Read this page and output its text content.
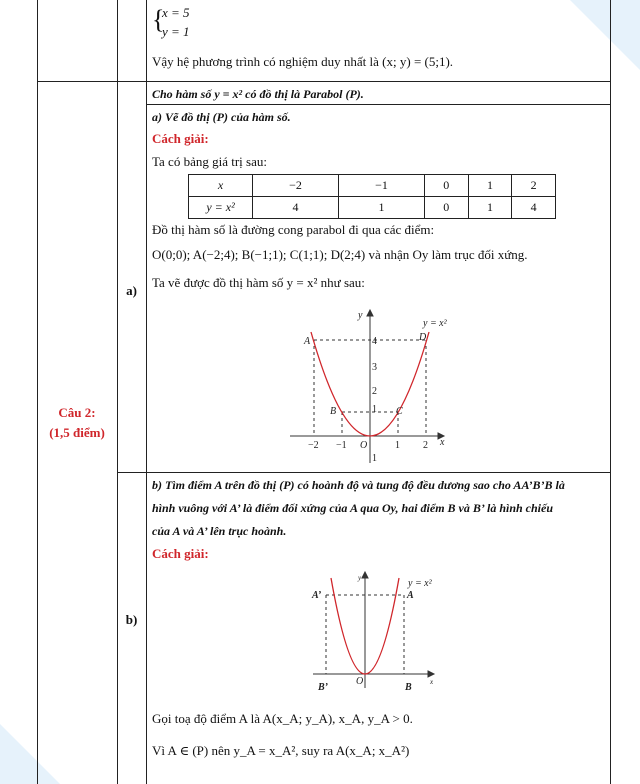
{
x = 5
y = 1
Vậy hệ phương trình có nghiệm duy nhất là (x; y) = (5;1).
Câu 2:
(1,5 điểm)
Cho hàm số y = x² có đồ thị là Parabol (P).
a)
a) Vẽ đồ thị (P) của hàm số.
Cách giải:
Ta có bảng giá trị sau:
x	−2	−1	0	1	2
y = x²	4	1	0	1	4
Đồ thị hàm số là đường cong parabol đi qua các điểm:
O(0;0); A(−2;4); B(−1;1); C(1;1); D(2;4) và nhận Oy làm trục đối xứng.
Ta vẽ được đồ thị hàm số y = x² như sau:
y = x²
y
x
O
A
B	C
D
−2 −1	1 2
4
3
2
1
1
b)
b) Tìm điểm A trên đồ thị (P) có hoành độ và tung độ đều dương sao cho AA’B’B là
hình vuông với A’ là điểm đối xứng của A qua Oy, hai điểm B và B’ là hình chiếu
của A và A’ lên trục hoành.
Cách giải:
y = x²
y
x
O
A
A’
B
B’
Gọi toạ độ điểm A là A(x_A; y_A), x_A, y_A > 0.
Vì A ∈ (P) nên y_A = x_A², suy ra A(x_A; x_A²)
